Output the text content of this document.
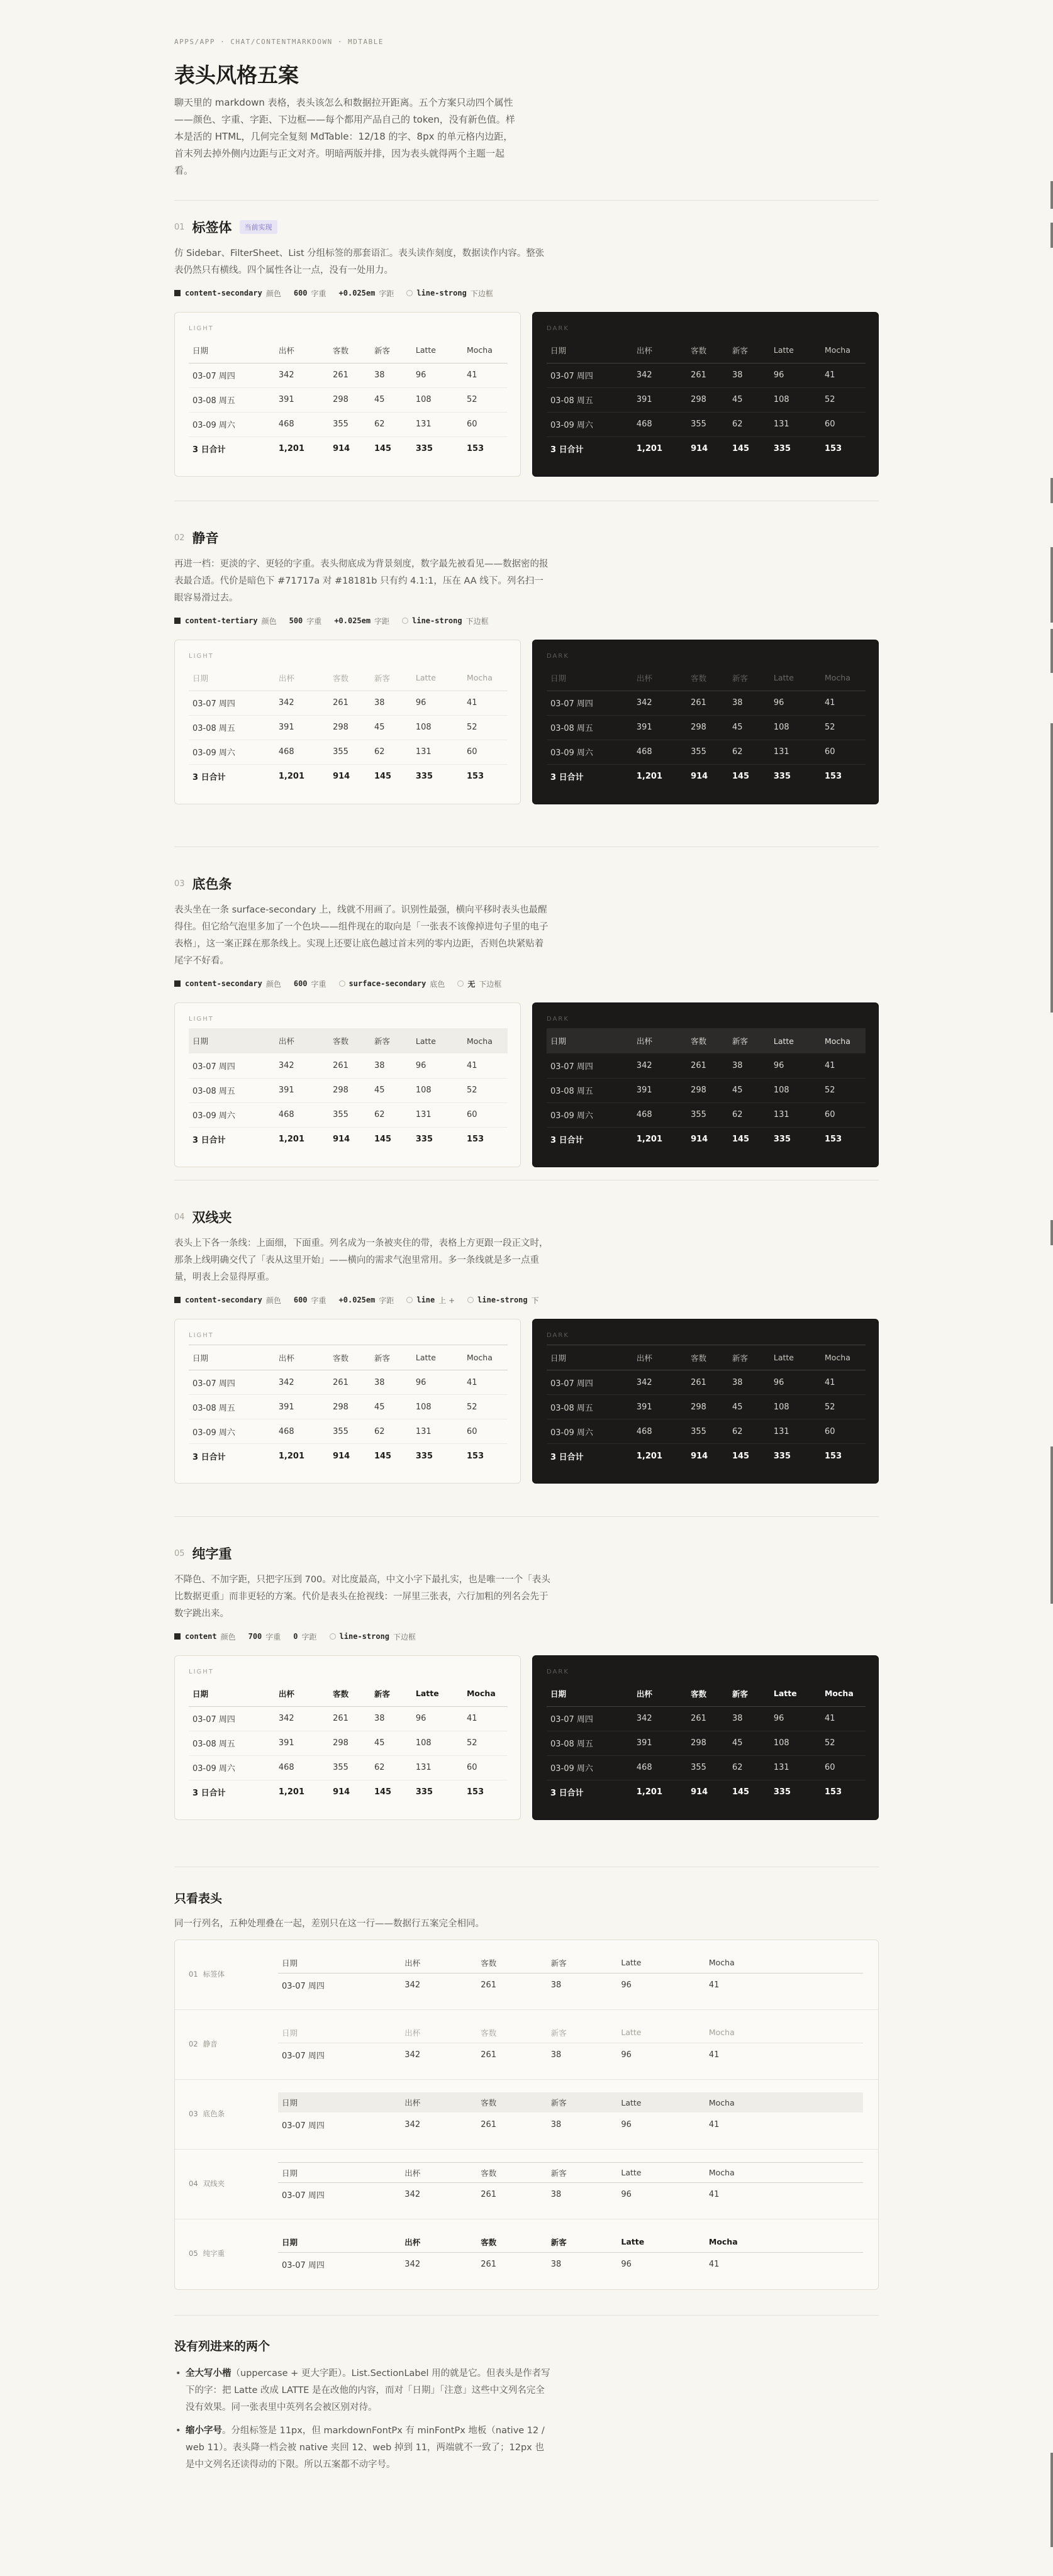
APPS/APP · CHAT/CONTENTMARKDOWN · MDTABLE
表头风格五案
聊天里的 markdown 表格，表头该怎么和数据拉开距离。五个方案只动四个属性——颜色、字重、字距、下边框——每个都用产品自己的 token，没有新色值。样本是活的 HTML，几何完全复刻 MdTable：12/18 的字、8px 的单元格内边距，首末列去掉外侧内边距与正文对齐。明暗两版并排，因为表头就得两个主题一起看。
01 标签体	当前实现
仿 Sidebar、FilterSheet、List 分组标签的那套语汇。表头读作刻度，数据读作内容。整张表仍然只有横线。四个属性各让一点，没有一处用力。
content-secondary 颜色 600 字重 +0.025em 字距	line-strong 下边框
LIGHT
日期	出杯	客数	新客	Latte	Mocha
03-07 周四	342	261	38	96	41
03-08 周五	391	298	45	108	52
03-09 周六	468	355	62	131	60
3 日合计	1,201	914	145	335	153
DARK
日期	出杯	客数	新客	Latte	Mocha
03-07 周四	342	261	38	96	41
03-08 周五	391	298	45	108	52
03-09 周六	468	355	62	131	60
3 日合计	1,201	914	145	335	153
02 静音
再进一档：更淡的字、更轻的字重。表头彻底成为背景刻度，数字最先被看见——数据密的报表最合适。代价是暗色下 #71717a 对 #18181b 只有约 4.1:1，压在 AA 线下。列名扫一眼容易滑过去。
content-tertiary 颜色 500 字重 +0.025em 字距	line-strong 下边框
LIGHT
日期	出杯	客数	新客	Latte	Mocha
03-07 周四	342	261	38	96	41
03-08 周五	391	298	45	108	52
03-09 周六	468	355	62	131	60
3 日合计	1,201	914	145	335	153
DARK
日期	出杯	客数	新客	Latte	Mocha
03-07 周四	342	261	38	96	41
03-08 周五	391	298	45	108	52
03-09 周六	468	355	62	131	60
3 日合计	1,201	914	145	335	153
03 底色条
表头坐在一条 surface-secondary 上，线就不用画了。识别性最强，横向平移时表头也最醒得住。但它给气泡里多加了一个色块——组件现在的取向是「一张表不该像掉进句子里的电子表格」，这一案正踩在那条线上。实现上还要让底色越过首末列的零内边距，否则色块紧贴着尾字不好看。
content-secondary 颜色 600 字重	surface-secondary 底色	无 下边框
LIGHT
日期	出杯	客数	新客	Latte	Mocha
03-07 周四	342	261	38	96	41
03-08 周五	391	298	45	108	52
03-09 周六	468	355	62	131	60
3 日合计	1,201	914	145	335	153
DARK
日期	出杯	客数	新客	Latte	Mocha
03-07 周四	342	261	38	96	41
03-08 周五	391	298	45	108	52
03-09 周六	468	355	62	131	60
3 日合计	1,201	914	145	335	153
04 双线夹
表头上下各一条线：上面细，下面重。列名成为一条被夹住的带，表格上方更跟一段正文时，那条上线明确交代了「表从这里开始」——横向的需求气泡里常用。多一条线就是多一点重量，明表上会显得厚重。
content-secondary 颜色 600 字重 +0.025em 字距	line 上 +	line-strong 下
LIGHT
日期	出杯	客数	新客	Latte	Mocha
03-07 周四	342	261	38	96	41
03-08 周五	391	298	45	108	52
03-09 周六	468	355	62	131	60
3 日合计	1,201	914	145	335	153
DARK
日期	出杯	客数	新客	Latte	Mocha
03-07 周四	342	261	38	96	41
03-08 周五	391	298	45	108	52
03-09 周六	468	355	62	131	60
3 日合计	1,201	914	145	335	153
05 纯字重
不降色、不加字距，只把字压到 700。对比度最高，中文小字下最扎实，也是唯一一个「表头比数据更重」而非更轻的方案。代价是表头在抢视线：一屏里三张表，六行加粗的列名会先于数字跳出来。
content 颜色 700 字重 0 字距	line-strong 下边框
LIGHT
日期	出杯	客数	新客	Latte	Mocha
03-07 周四	342	261	38	96	41
03-08 周五	391	298	45	108	52
03-09 周六	468	355	62	131	60
3 日合计	1,201	914	145	335	153
DARK
日期	出杯	客数	新客	Latte	Mocha
03-07 周四	342	261	38	96	41
03-08 周五	391	298	45	108	52
03-09 周六	468	355	62	131	60
3 日合计	1,201	914	145	335	153
只看表头
同一行列名，五种处理叠在一起，差别只在这一行——数据行五案完全相同。
01 标签体
日期	出杯	客数	新客	Latte	Mocha
03-07 周四	342	261	38	96	41
02 静音
日期	出杯	客数	新客	Latte	Mocha
03-07 周四	342	261	38	96	41
03 底色条
日期	出杯	客数	新客	Latte	Mocha
03-07 周四	342	261	38	96	41
04 双线夹
日期	出杯	客数	新客	Latte	Mocha
03-07 周四	342	261	38	96	41
05 纯字重
日期	出杯	客数	新客	Latte	Mocha
03-07 周四	342	261	38	96	41
没有列进来的两个
• 全大写小楷（uppercase + 更大字距）。List.SectionLabel 用的就是它。但表头是作者写下的字：把 Latte 改成 LATTE 是在改他的内容，而对「日期」「注意」这些中文列名完全没有效果。同一张表里中英列名会被区别对待。
• 缩小字号。分组标签是 11px，但 markdownFontPx 有 minFontPx 地板（native 12 / web 11）。表头降一档会被 native 夹回 12、web 掉到 11，两端就不一致了；12px 也是中文列名还读得动的下限。所以五案都不动字号。
